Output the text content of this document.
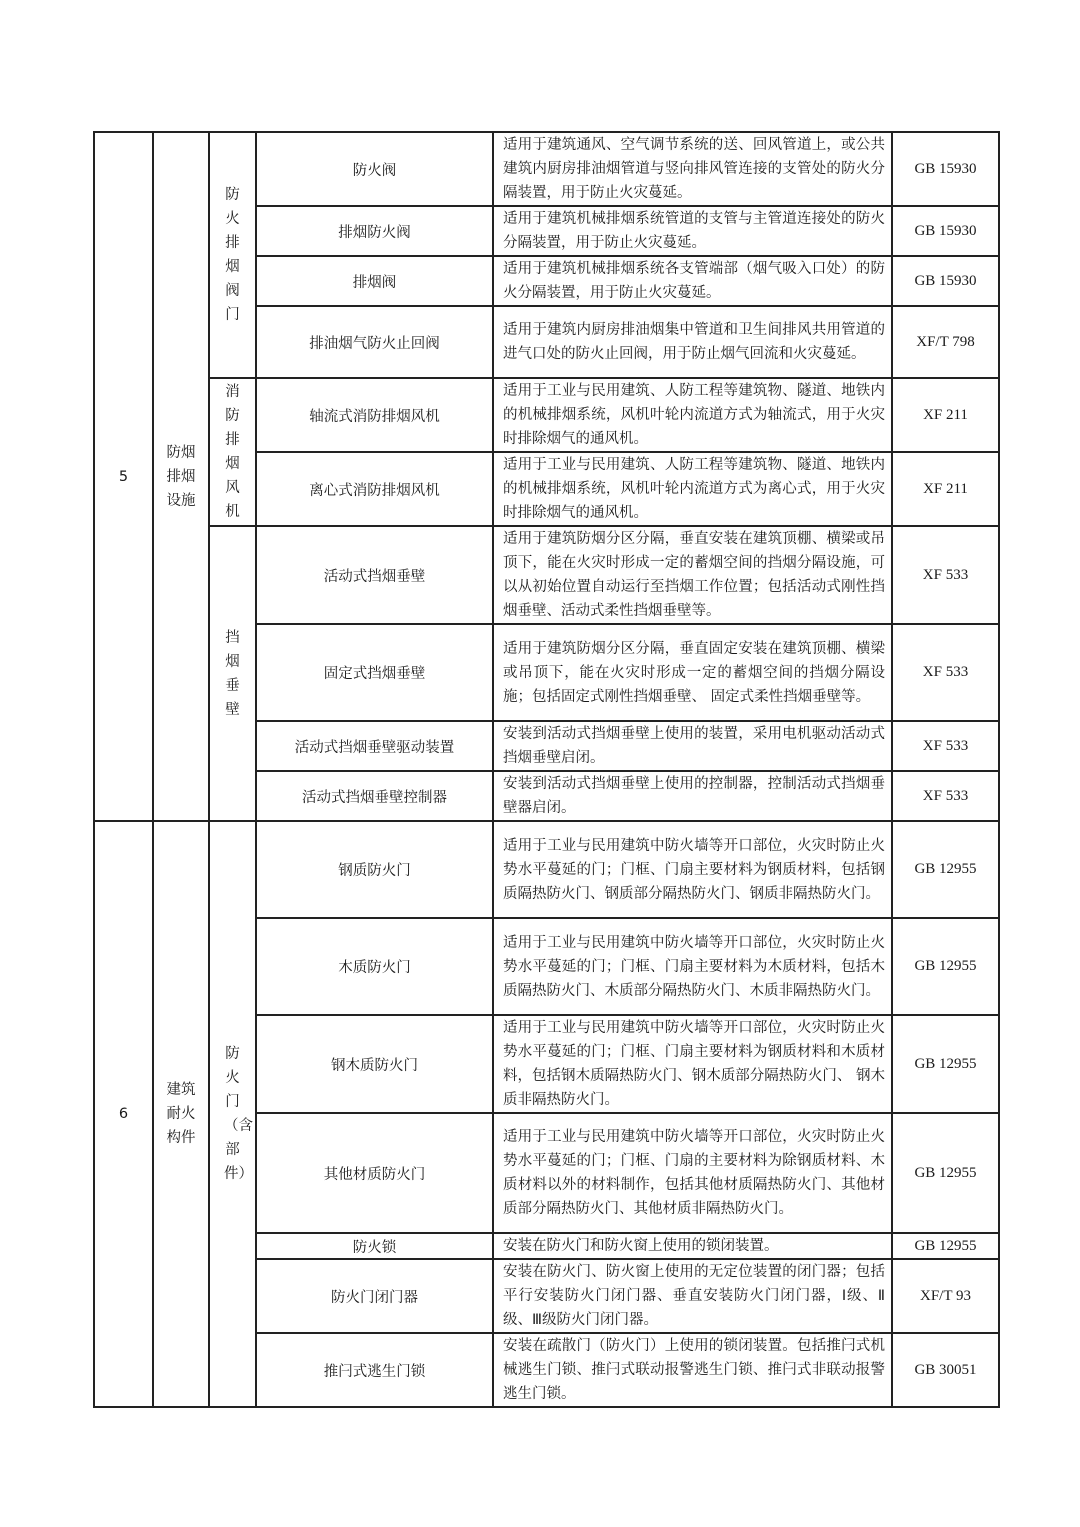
5	防烟排烟设施	防火排烟阀门	防火阀	适用于建筑通风、空气调节系统的送、回风管道上，或公共建筑内厨房排油烟管道与竖向排风管连接的支管处的防火分隔装置，用于防止火灾蔓延。	GB 15930
			排烟防火阀	适用于建筑机械排烟系统管道的支管与主管道连接处的防火分隔装置，用于防止火灾蔓延。	GB 15930
			排烟阀	适用于建筑机械排烟系统各支管端部（烟气吸入口处）的防火分隔装置，用于防止火灾蔓延。	GB 15930
			排油烟气防火止回阀	适用于建筑内厨房排油烟集中管道和卫生间排风共用管道的进气口处的防火止回阀，用于防止烟气回流和火灾蔓延。	XF/T 798
		消防排烟风机	轴流式消防排烟风机	适用于工业与民用建筑、人防工程等建筑物、隧道、地铁内的机械排烟系统，风机叶轮内流道方式为轴流式，用于火灾时排除烟气的通风机。	XF 211
			离心式消防排烟风机	适用于工业与民用建筑、人防工程等建筑物、隧道、地铁内的机械排烟系统，风机叶轮内流道方式为离心式，用于火灾时排除烟气的通风机。	XF 211
		挡烟垂壁	活动式挡烟垂壁	适用于建筑防烟分区分隔，垂直安装在建筑顶棚、横梁或吊顶下，能在火灾时形成一定的蓄烟空间的挡烟分隔设施，可以从初始位置自动运行至挡烟工作位置；包括活动式刚性挡烟垂壁、活动式柔性挡烟垂壁等。	XF 533
			固定式挡烟垂壁	适用于建筑防烟分区分隔，垂直固定安装在建筑顶棚、横梁或吊顶下，能在火灾时形成一定的蓄烟空间的挡烟分隔设施；包括固定式刚性挡烟垂壁、 固定式柔性挡烟垂壁等。	XF 533
			活动式挡烟垂壁驱动装置	安装到活动式挡烟垂壁上使用的装置，采用电机驱动活动式挡烟垂壁启闭。	XF 533
			活动式挡烟垂壁控制器	安装到活动式挡烟垂壁上使用的控制器，控制活动式挡烟垂壁器启闭。	XF 533
6	建筑耐火构件	防火门（含部件）	钢质防火门	适用于工业与民用建筑中防火墙等开口部位，火灾时防止火势水平蔓延的门；门框、门扇主要材料为钢质材料，包括钢质隔热防火门、钢质部分隔热防火门、钢质非隔热防火门。	GB 12955
			木质防火门	适用于工业与民用建筑中防火墙等开口部位，火灾时防止火势水平蔓延的门；门框、门扇主要材料为木质材料，包括木质隔热防火门、木质部分隔热防火门、木质非隔热防火门。	GB 12955
			钢木质防火门	适用于工业与民用建筑中防火墙等开口部位，火灾时防止火势水平蔓延的门；门框、门扇主要材料为钢质材料和木质材料，包括钢木质隔热防火门、钢木质部分隔热防火门、 钢木质非隔热防火门。	GB 12955
			其他材质防火门	适用于工业与民用建筑中防火墙等开口部位，火灾时防止火势水平蔓延的门；门框、门扇的主要材料为除钢质材料、木质材料以外的材料制作，包括其他材质隔热防火门、其他材质部分隔热防火门、其他材质非隔热防火门。	GB 12955
			防火锁	安装在防火门和防火窗上使用的锁闭装置。	GB 12955
			防火门闭门器	安装在防火门、防火窗上使用的无定位装置的闭门器；包括平行安装防火门闭门器、垂直安装防火门闭门器，Ⅰ级、Ⅱ级、Ⅲ级防火门闭门器。	XF/T 93
			推闩式逃生门锁	安装在疏散门（防火门）上使用的锁闭装置。包括推闩式机械逃生门锁、推闩式联动报警逃生门锁、推闩式非联动报警逃生门锁。	GB 30051
